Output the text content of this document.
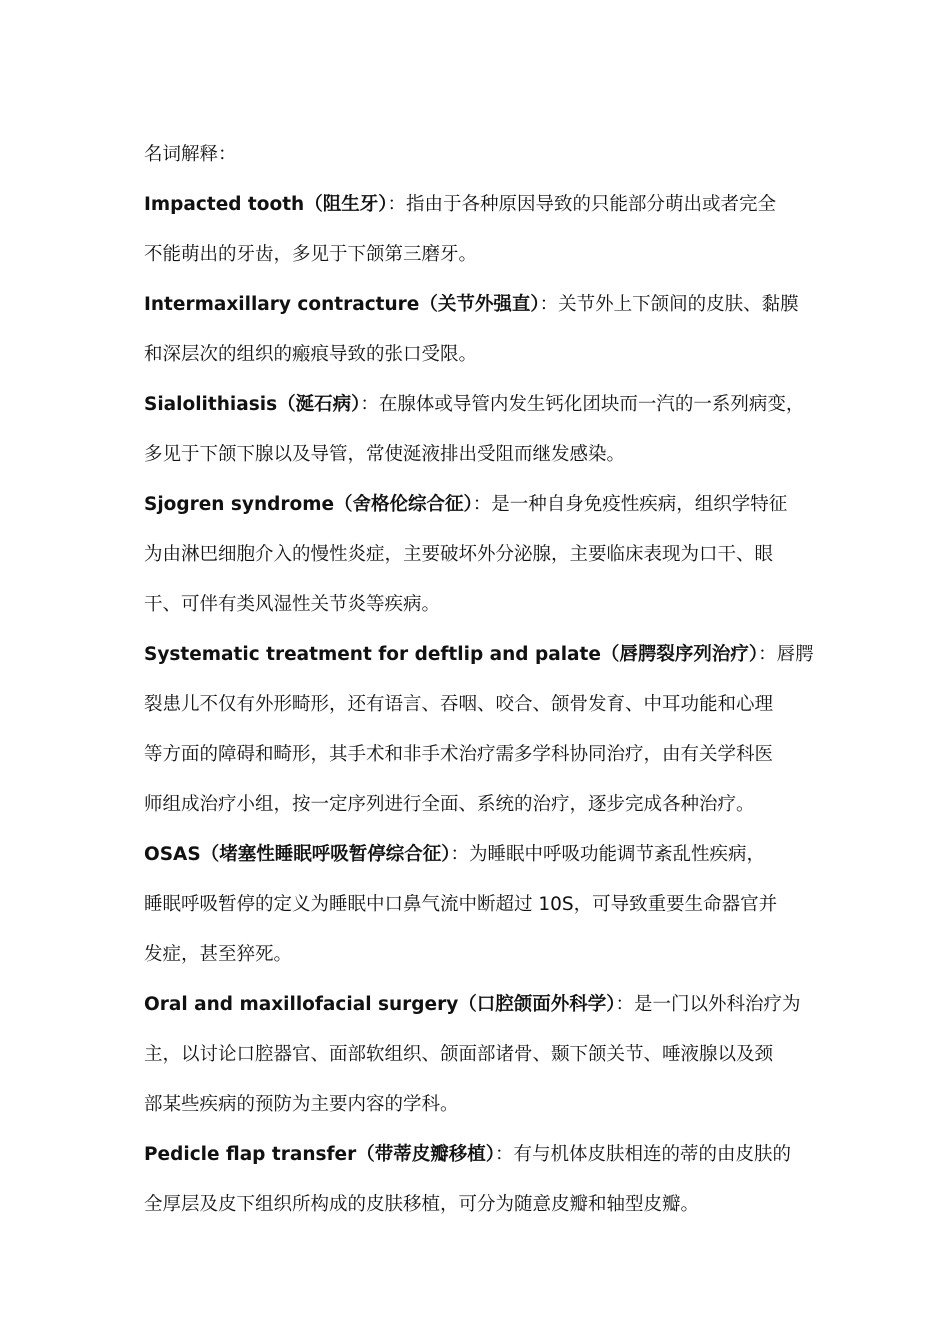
名词解释：
Impacted tooth（阻生牙）：指由于各种原因导致的只能部分萌出或者完全
不能萌出的牙齿，多见于下颌第三磨牙。
Intermaxillary contracture（关节外强直）：关节外上下颌间的皮肤、黏膜
和深层次的组织的瘢痕导致的张口受限。
Sialolithiasis（涎石病）：在腺体或导管内发生钙化团块而一汽的一系列病变，
多见于下颌下腺以及导管，常使涎液排出受阻而继发感染。
Sjogren syndrome（舍格伦综合征）：是一种自身免疫性疾病，组织学特征
为由淋巴细胞介入的慢性炎症，主要破坏外分泌腺，主要临床表现为口干、眼
干、可伴有类风湿性关节炎等疾病。
Systematic treatment for deftlip and palate（唇腭裂序列治疗）：唇腭
裂患儿不仅有外形畸形，还有语言、吞咽、咬合、颌骨发育、中耳功能和心理
等方面的障碍和畸形，其手术和非手术治疗需多学科协同治疗，由有关学科医
师组成治疗小组，按一定序列进行全面、系统的治疗，逐步完成各种治疗。
OSAS（堵塞性睡眠呼吸暂停综合征）：为睡眠中呼吸功能调节紊乱性疾病，
睡眠呼吸暂停的定义为睡眠中口鼻气流中断超过 10S，可导致重要生命器官并
发症，甚至猝死。
Oral and maxillofacial surgery（口腔颌面外科学）：是一门以外科治疗为
主，以讨论口腔器官、面部软组织、颌面部诸骨、颞下颌关节、唾液腺以及颈
部某些疾病的预防为主要内容的学科。
Pedicle flap transfer（带蒂皮瓣移植）：有与机体皮肤相连的蒂的由皮肤的
全厚层及皮下组织所构成的皮肤移植，可分为随意皮瓣和轴型皮瓣。
